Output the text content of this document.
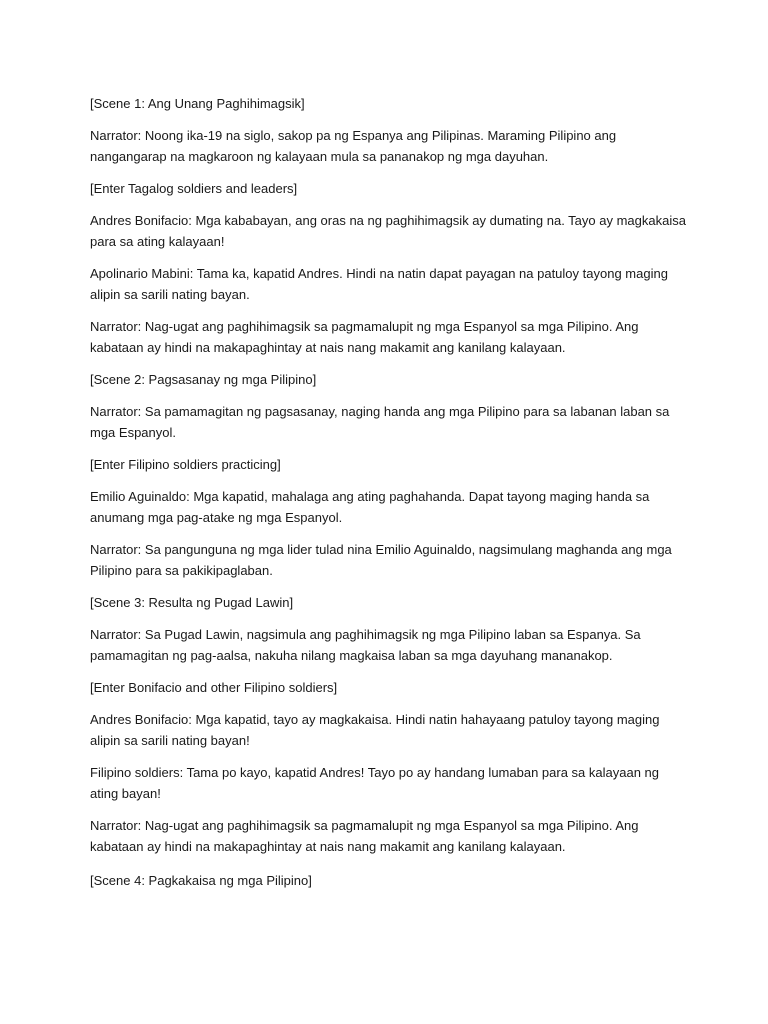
[Scene 1: Ang Unang Paghihimagsik]

Narrator: Noong ika-19 na siglo, sakop pa ng Espanya ang Pilipinas. Maraming Pilipino ang nangangarap na magkaroon ng kalayaan mula sa pananakop ng mga dayuhan.

[Enter Tagalog soldiers and leaders]

Andres Bonifacio: Mga kababayan, ang oras na ng paghihimagsik ay dumating na. Tayo ay magkakaisa para sa ating kalayaan!

Apolinario Mabini: Tama ka, kapatid Andres. Hindi na natin dapat payagan na patuloy tayong maging alipin sa sarili nating bayan.

Narrator: Nag-ugat ang paghihimagsik sa pagmamalupit ng mga Espanyol sa mga Pilipino. Ang kabataan ay hindi na makapaghintay at nais nang makamit ang kanilang kalayaan.

[Scene 2: Pagsasanay ng mga Pilipino]

Narrator: Sa pamamagitan ng pagsasanay, naging handa ang mga Pilipino para sa labanan laban sa mga Espanyol.

[Enter Filipino soldiers practicing]

Emilio Aguinaldo: Mga kapatid, mahalaga ang ating paghahanda. Dapat tayong maging handa sa anumang mga pag-atake ng mga Espanyol.

Narrator: Sa pangunguna ng mga lider tulad nina Emilio Aguinaldo, nagsimulang maghanda ang mga Pilipino para sa pakikipaglaban.

[Scene 3: Resulta ng Pugad Lawin]

Narrator: Sa Pugad Lawin, nagsimula ang paghihimagsik ng mga Pilipino laban sa Espanya. Sa pamamagitan ng pag-aalsa, nakuha nilang magkaisa laban sa mga dayuhang mananakop.

[Enter Bonifacio and other Filipino soldiers]

Andres Bonifacio: Mga kapatid, tayo ay magkakaisa. Hindi natin hahayaang patuloy tayong maging alipin sa sarili nating bayan!

Filipino soldiers: Tama po kayo, kapatid Andres! Tayo po ay handang lumaban para sa kalayaan ng ating bayan!

Narrator: Nag-ugat ang paghihimagsik sa pagmamalupit ng mga Espanyol sa mga Pilipino. Ang kabataan ay hindi na makapaghintay at nais nang makamit ang kanilang kalayaan.

[Scene 4: Pagkakaisa ng mga Pilipino]
